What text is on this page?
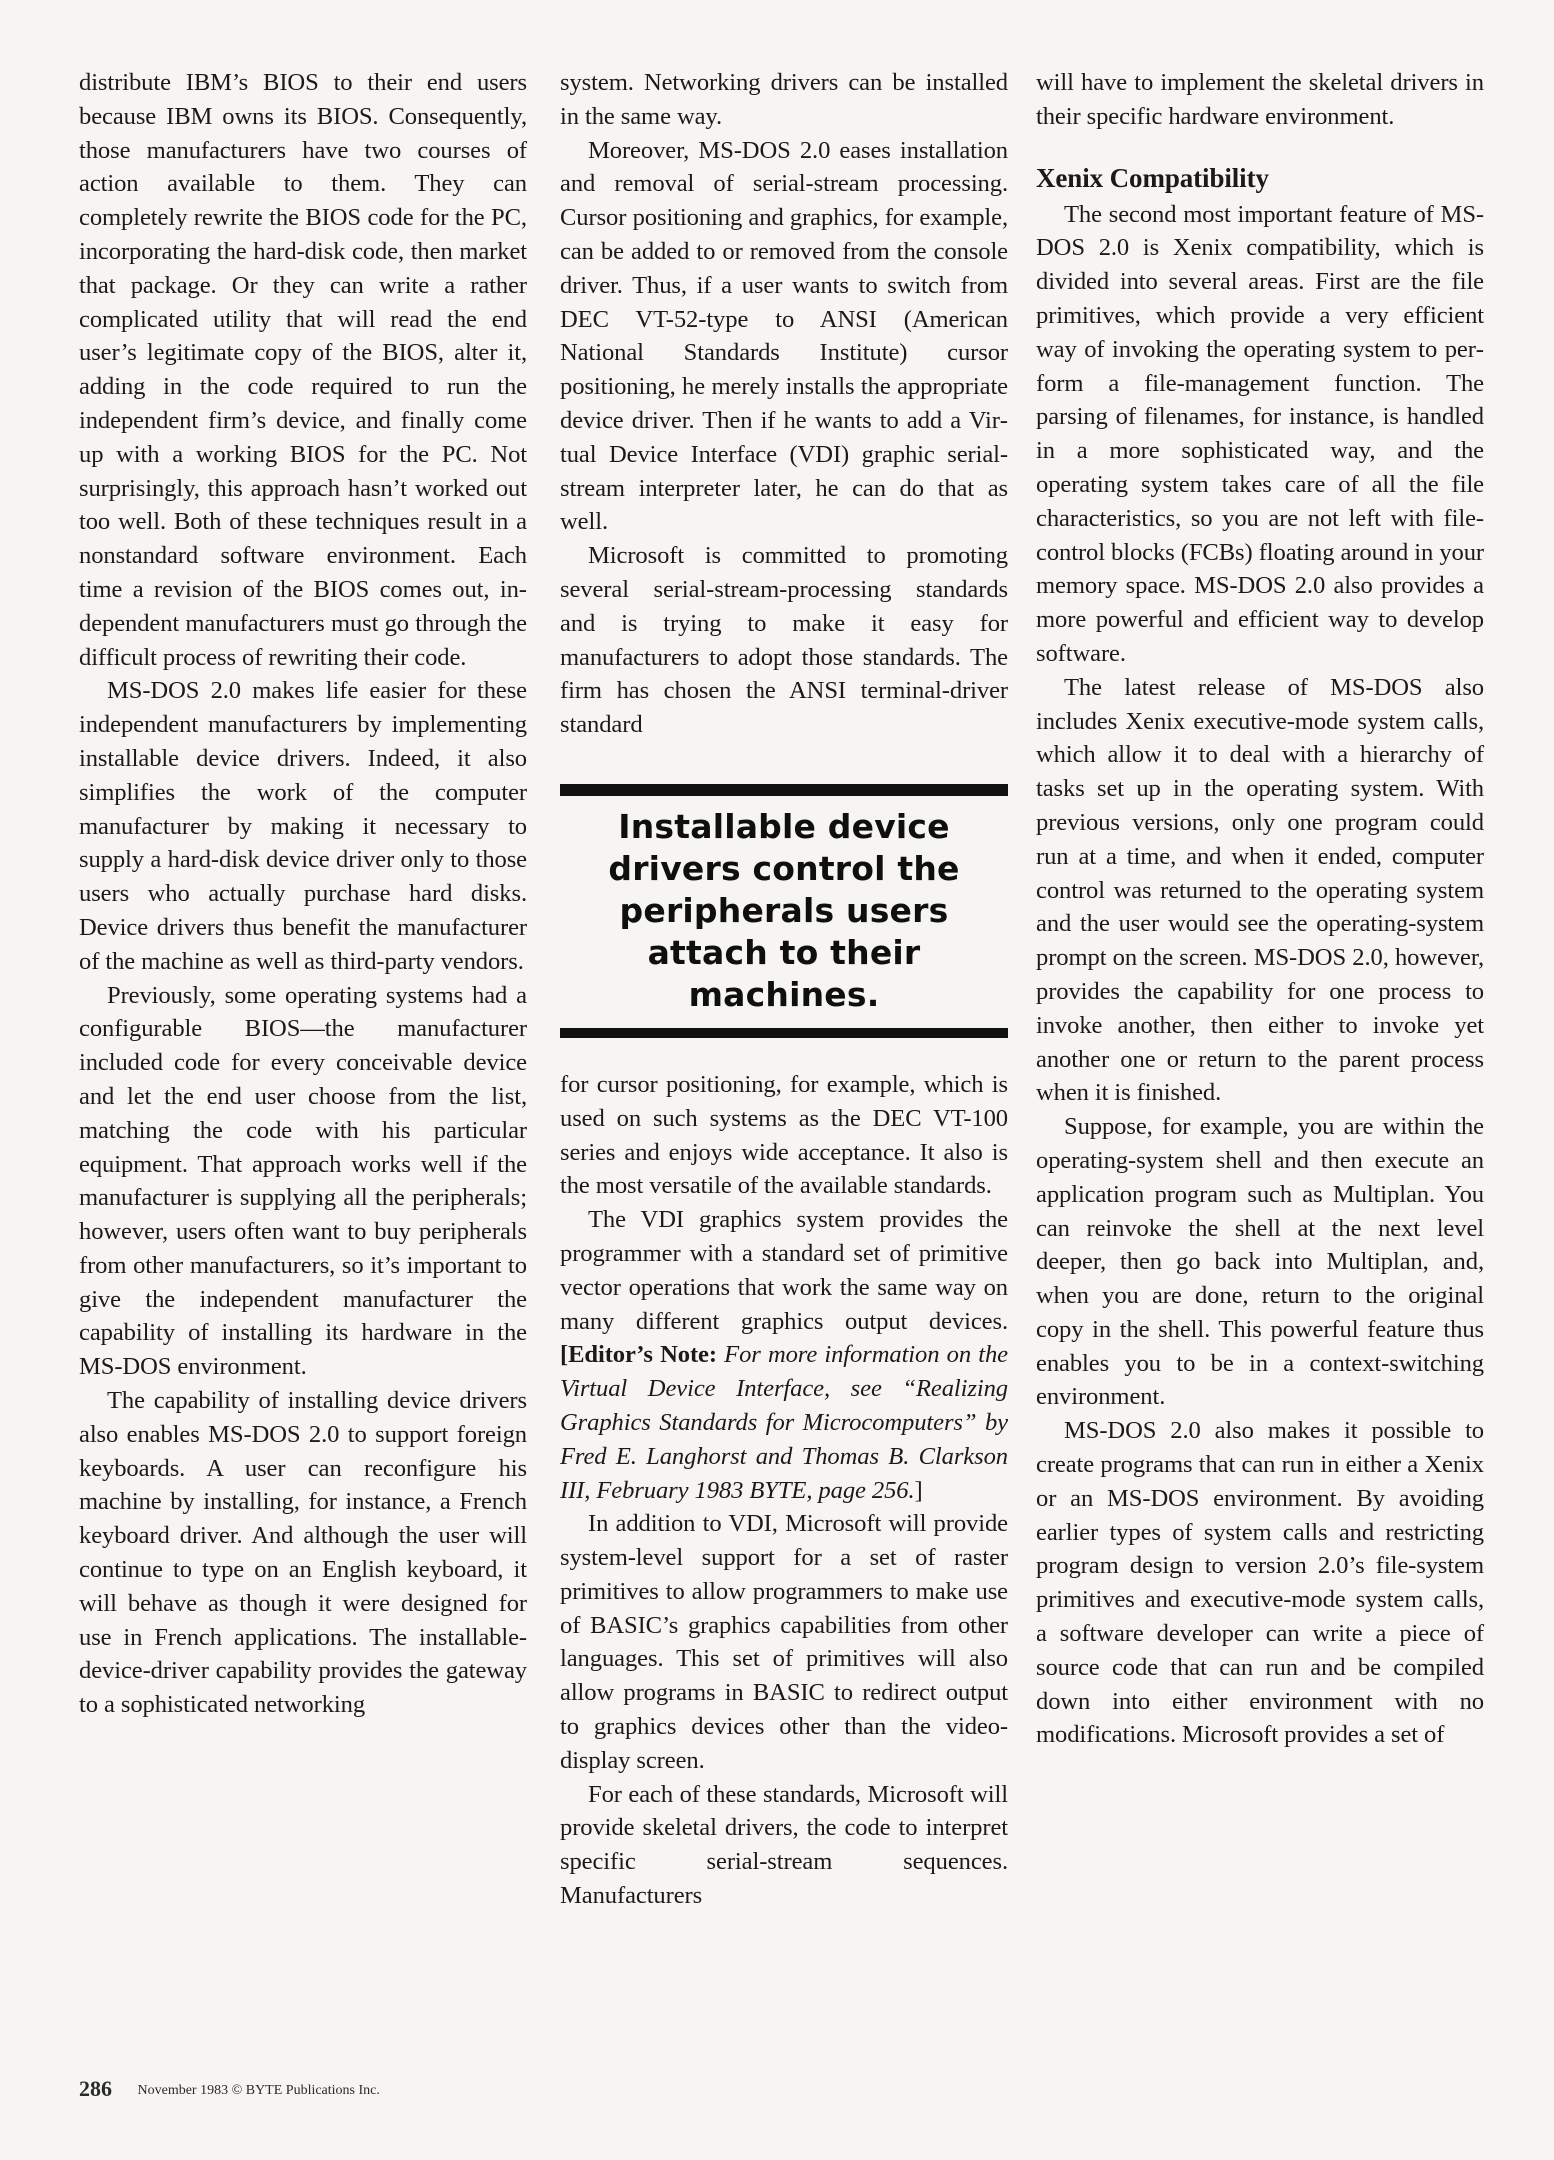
distribute IBM’s BIOS to their end users because IBM owns its BIOS. Consequently, those manufacturers have two courses of action available to them. They can completely rewrite the BIOS code for the PC, incorporating the hard-disk code, then market that package. Or they can write a rather complicated utility that will read the end user’s legitimate copy of the BIOS, alter it, adding in the code required to run the independent firm’s device, and finally come up with a working BIOS for the PC. Not surprisingly, this approach hasn’t worked out too well. Both of these techniques result in a nonstandard software environment. Each time a revision of the BIOS comes out, independent manufacturers must go through the difficult process of rewriting their code.

MS-DOS 2.0 makes life easier for these independent manufacturers by implementing installable device drivers. Indeed, it also simplifies the work of the computer manufacturer by making it necessary to supply a hard-disk device driver only to those users who actually purchase hard disks. Device drivers thus benefit the manufacturer of the machine as well as third-party vendors.

Previously, some operating systems had a configurable BIOS—the manufacturer included code for every conceivable device and let the end user choose from the list, matching the code with his particular equipment. That approach works well if the manufacturer is supplying all the peripherals; however, users often want to buy peripherals from other manufacturers, so it’s important to give the independent manufacturer the capability of installing its hardware in the MS-DOS environment.

The capability of installing device drivers also enables MS-DOS 2.0 to support foreign keyboards. A user can reconfigure his machine by installing, for instance, a French keyboard driver. And although the user will continue to type on an English keyboard, it will behave as though it were designed for use in French applications. The installable-device-driver capability provides the gateway to a sophisticated networking

system. Networking drivers can be installed in the same way.

Moreover, MS-DOS 2.0 eases installation and removal of serial-stream processing. Cursor positioning and graphics, for example, can be added to or removed from the console driver. Thus, if a user wants to switch from DEC VT-52-type to ANSI (American National Standards Institute) cursor positioning, he merely installs the appropriate device driver. Then if he wants to add a Virtual Device Interface (VDI) graphic serial-stream interpreter later, he can do that as well.

Microsoft is committed to promoting several serial-stream-processing standards and is trying to make it easy for manufacturers to adopt those standards. The firm has chosen the ANSI terminal-driver standard

Installable device drivers control the peripherals users attach to their machines.

for cursor positioning, for example, which is used on such systems as the DEC VT-100 series and enjoys wide acceptance. It also is the most versatile of the available standards.

The VDI graphics system provides the programmer with a standard set of primitive vector operations that work the same way on many different graphics output devices. [Editor’s Note: For more information on the Virtual Device Interface, see “Realizing Graphics Standards for Microcomputers” by Fred E. Langhorst and Thomas B. Clarkson III, February 1983 BYTE, page 256.]

In addition to VDI, Microsoft will provide system-level support for a set of raster primitives to allow programmers to make use of BASIC’s graphics capabilities from other languages. This set of primitives will also allow programs in BASIC to redirect output to graphics devices other than the video-display screen.

For each of these standards, Microsoft will provide skeletal drivers, the code to interpret specific serial-stream sequences. Manufacturers

will have to implement the skeletal drivers in their specific hardware environment.

Xenix Compatibility

The second most important feature of MS-DOS 2.0 is Xenix compatibility, which is divided into several areas. First are the file primitives, which provide a very efficient way of invoking the operating system to perform a file-management function. The parsing of filenames, for instance, is handled in a more sophisticated way, and the operating system takes care of all the file characteristics, so you are not left with file-control blocks (FCBs) floating around in your memory space. MS-DOS 2.0 also provides a more powerful and efficient way to develop software.

The latest release of MS-DOS also includes Xenix executive-mode system calls, which allow it to deal with a hierarchy of tasks set up in the operating system. With previous versions, only one program could run at a time, and when it ended, computer control was returned to the operating system and the user would see the operating-system prompt on the screen. MS-DOS 2.0, however, provides the capability for one process to invoke another, then either to invoke yet another one or return to the parent process when it is finished.

Suppose, for example, you are within the operating-system shell and then execute an application program such as Multiplan. You can reinvoke the shell at the next level deeper, then go back into Multiplan, and, when you are done, return to the original copy in the shell. This powerful feature thus enables you to be in a context-switching environment.

MS-DOS 2.0 also makes it possible to create programs that can run in either a Xenix or an MS-DOS environment. By avoiding earlier types of system calls and restricting program design to version 2.0’s file-system primitives and executive-mode system calls, a software developer can write a piece of source code that can run and be compiled down into either environment with no modifications. Microsoft provides a set of

286 November 1983 © BYTE Publications Inc.
